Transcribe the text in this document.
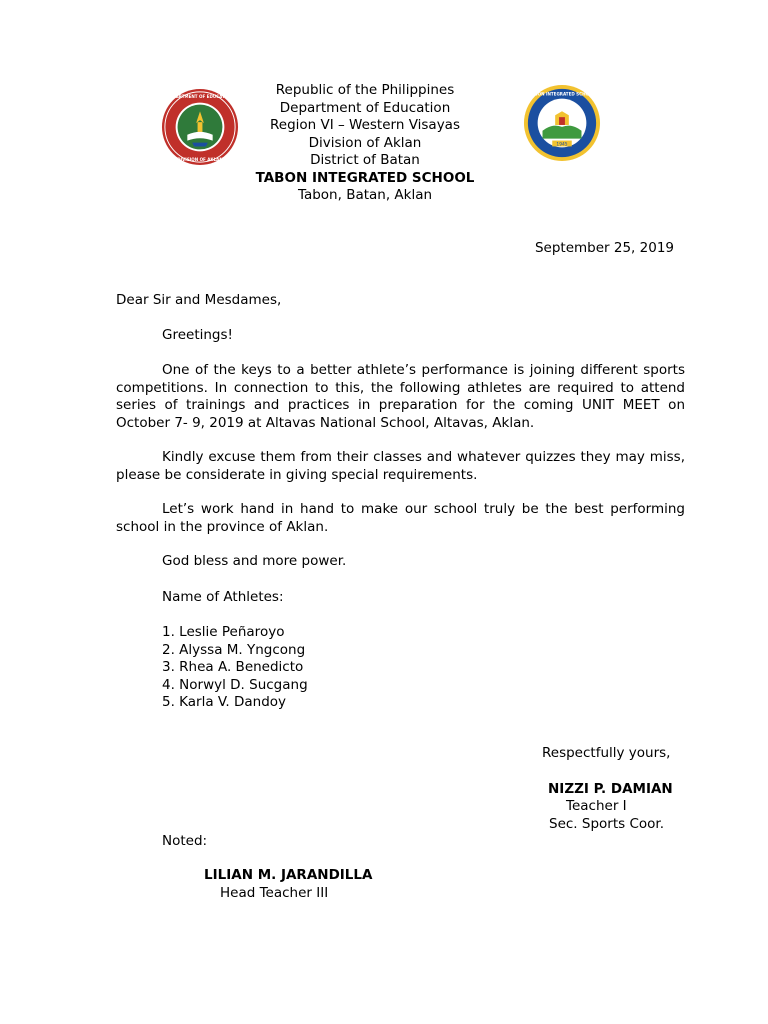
DEPARTMENT OF EDUCATION
DIVISION OF AKLAN
1945
TABON INTEGRATED SCHOOL
Republic of the Philippines
Department of Education
Region VI – Western Visayas
Division of Aklan
District of Batan
TABON INTEGRATED SCHOOL
Tabon, Batan, Aklan
September 25, 2019
Dear Sir and Mesdames,
Greetings!

One of the keys to a better athlete’s performance is joining different sports competitions. In connection to this, the following athletes are required to attend series of trainings and practices in preparation for the coming UNIT MEET on October 7- 9, 2019 at Altavas National School, Altavas, Aklan.

Kindly excuse them from their classes and whatever quizzes they may miss, please be considerate in giving special requirements.

Let’s work hand in hand to make our school truly be the best performing school in the province of Aklan.

God bless and more power.
Name of Athletes:
1. Leslie Peñaroyo
2. Alyssa M. Yngcong
3. Rhea A. Benedicto
4. Norwyl D. Sucgang
5. Karla V. Dandoy
Respectfully yours,
NIZZI P. DAMIAN
Teacher I
Sec. Sports Coor.
Noted:
LILIAN M. JARANDILLA
Head Teacher III
